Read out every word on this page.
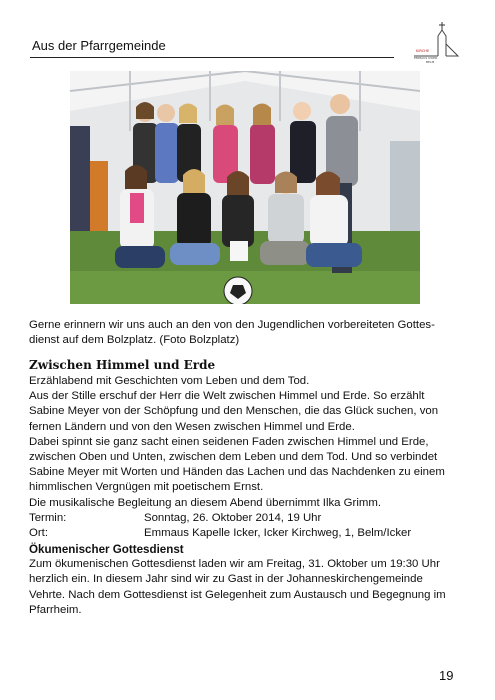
Aus der Pfarrgemeinde	KIRCHE
EMMAUS ICKER
BELM
Gerne erinnern wir uns auch an den von den Jugendlichen vorbereiteten Gottes-
dienst auf dem Bolzplatz. (Foto Bolzplatz)
Zwischen Himmel und Erde

Erzählabend mit Geschichten vom Leben und dem Tod.

Aus der Stille erschuf der Herr die Welt zwischen Himmel und Erde. So erzählt

Sabine Meyer von der Schöpfung und den Menschen, die das Glück suchen, von

fernen Ländern und von den Wesen zwischen Himmel und Erde.

Dabei spinnt sie ganz sacht einen seidenen Faden zwischen Himmel und Erde,

zwischen Oben und Unten, zwischen dem Leben und dem Tod. Und so verbindet

Sabine Meyer mit Worten und Händen das Lachen und das Nachdenken zu einem

himmlischen Vergnügen mit poetischem Ernst.

Die musikalische Begleitung an diesem Abend übernimmt Ilka Grimm.

Termin:	Sonntag, 26. Oktober 2014, 19 Uhr
Ort:	Emmaus Kapelle Icker, Icker Kirchweg, 1, Belm/Icker
Ökumenischer Gottesdienst

Zum ökumenischen Gottesdienst laden wir am Freitag, 31. Oktober um 19:30 Uhr

herzlich ein. In diesem Jahr sind wir zu Gast in der Johanneskirchengemeinde

Vehrte. Nach dem Gottesdienst ist Gelegenheit zum Austausch und Begegnung im

Pfarrheim.

19
